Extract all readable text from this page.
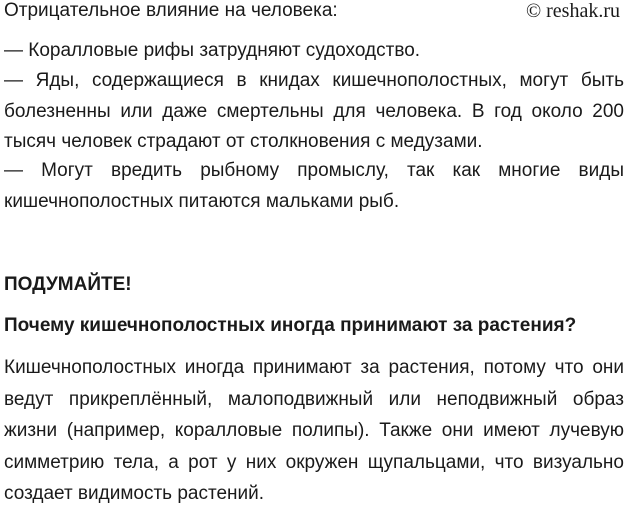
Отрицательное влияние на человека:	© reshak.ru

— Коралловые рифы затрудняют судоходство.

— Яды, содержащиеся в книдах кишечнополостных, могут быть болезненны или даже смертельны для человека. В год около 200 тысяч человек страдают от столкновения с медузами.

— Могут вредить рыбному промыслу, так как многие виды кишечнополостных питаются мальками рыб.

ПОДУМАЙТЕ!
Почему кишечнополостных иногда принимают за растения?

Кишечнополостных иногда принимают за растения, потому что они ведут прикреплённый, малоподвижный или неподвижный образ жизни (например, коралловые полипы). Также они имеют лучевую симметрию тела, а рот у них окружен щупальцами, что визуально создает видимость растений.
